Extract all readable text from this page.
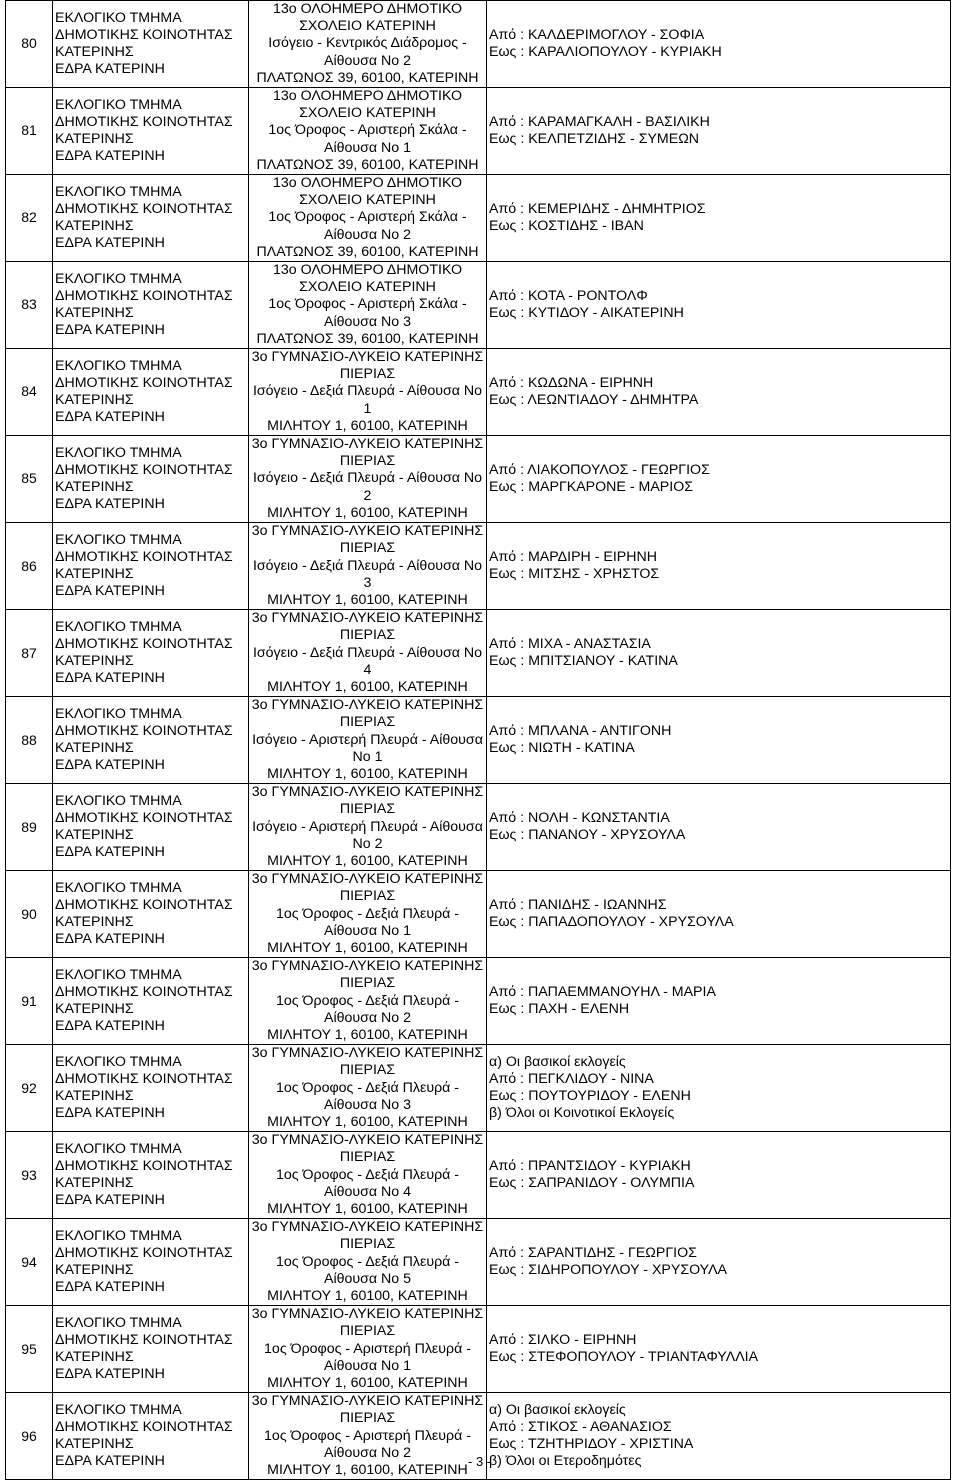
80	ΕΚΛΟΓΙΚΟ ΤΜΗΜΑ
ΔΗΜΟΤΙΚΗΣ ΚΟΙΝΟΤΗΤΑΣ
ΚΑΤΕΡΙΝΗΣ
ΕΔΡΑ ΚΑΤΕΡΙΝΗ	13ο ΟΛΟΗΜΕΡΟ ΔΗΜΟΤΙΚΟ
ΣΧΟΛΕΙΟ ΚΑΤΕΡΙΝΗ
Ισόγειο - Κεντρικός Διάδρομος -
Αίθουσα Νο 2
ΠΛΑΤΩΝΟΣ 39, 60100, ΚΑΤΕΡΙΝΗ	Από : ΚΑΛΔΕΡΙΜΟΓΛΟΥ - ΣΟΦΙΑ
Εως : ΚΑΡΑΛΙΟΠΟΥΛΟΥ - ΚΥΡΙΑΚΗ

81	ΕΚΛΟΓΙΚΟ ΤΜΗΜΑ
ΔΗΜΟΤΙΚΗΣ ΚΟΙΝΟΤΗΤΑΣ
ΚΑΤΕΡΙΝΗΣ
ΕΔΡΑ ΚΑΤΕΡΙΝΗ	13ο ΟΛΟΗΜΕΡΟ ΔΗΜΟΤΙΚΟ
ΣΧΟΛΕΙΟ ΚΑΤΕΡΙΝΗ
1ος Όροφος - Αριστερή Σκάλα -
Αίθουσα Νο 1
ΠΛΑΤΩΝΟΣ 39, 60100, ΚΑΤΕΡΙΝΗ	Από : ΚΑΡΑΜΑΓΚΑΛΗ - ΒΑΣΙΛΙΚΗ
Εως : ΚΕΛΠΕΤΖΙΔΗΣ - ΣΥΜΕΩΝ

82	ΕΚΛΟΓΙΚΟ ΤΜΗΜΑ
ΔΗΜΟΤΙΚΗΣ ΚΟΙΝΟΤΗΤΑΣ
ΚΑΤΕΡΙΝΗΣ
ΕΔΡΑ ΚΑΤΕΡΙΝΗ	13ο ΟΛΟΗΜΕΡΟ ΔΗΜΟΤΙΚΟ
ΣΧΟΛΕΙΟ ΚΑΤΕΡΙΝΗ
1ος Όροφος - Αριστερή Σκάλα -
Αίθουσα Νο 2
ΠΛΑΤΩΝΟΣ 39, 60100, ΚΑΤΕΡΙΝΗ	Από : ΚΕΜΕΡΙΔΗΣ - ΔΗΜΗΤΡΙΟΣ
Εως : ΚΟΣΤΙΔΗΣ - ΙΒΑΝ

83	ΕΚΛΟΓΙΚΟ ΤΜΗΜΑ
ΔΗΜΟΤΙΚΗΣ ΚΟΙΝΟΤΗΤΑΣ
ΚΑΤΕΡΙΝΗΣ
ΕΔΡΑ ΚΑΤΕΡΙΝΗ	13ο ΟΛΟΗΜΕΡΟ ΔΗΜΟΤΙΚΟ
ΣΧΟΛΕΙΟ ΚΑΤΕΡΙΝΗ
1ος Όροφος - Αριστερή Σκάλα -
Αίθουσα Νο 3
ΠΛΑΤΩΝΟΣ 39, 60100, ΚΑΤΕΡΙΝΗ	Από : ΚΟΤΑ - ΡΟΝΤΟΛΦ
Εως : ΚΥΤΙΔΟΥ - ΑΙΚΑΤΕΡΙΝΗ

84	ΕΚΛΟΓΙΚΟ ΤΜΗΜΑ
ΔΗΜΟΤΙΚΗΣ ΚΟΙΝΟΤΗΤΑΣ
ΚΑΤΕΡΙΝΗΣ
ΕΔΡΑ ΚΑΤΕΡΙΝΗ	3ο ΓΥΜΝΑΣΙΟ-ΛΥΚΕΙΟ ΚΑΤΕΡΙΝΗΣ
ΠΙΕΡΙΑΣ
Ισόγειο - Δεξιά Πλευρά - Αίθουσα Νο
1
ΜΙΛΗΤΟΥ 1, 60100, ΚΑΤΕΡΙΝΗ	Από : ΚΩΔΩΝΑ - ΕΙΡΗΝΗ
Εως : ΛΕΩΝΤΙΑΔΟΥ - ΔΗΜΗΤΡΑ

85	ΕΚΛΟΓΙΚΟ ΤΜΗΜΑ
ΔΗΜΟΤΙΚΗΣ ΚΟΙΝΟΤΗΤΑΣ
ΚΑΤΕΡΙΝΗΣ
ΕΔΡΑ ΚΑΤΕΡΙΝΗ	3ο ΓΥΜΝΑΣΙΟ-ΛΥΚΕΙΟ ΚΑΤΕΡΙΝΗΣ
ΠΙΕΡΙΑΣ
Ισόγειο - Δεξιά Πλευρά - Αίθουσα Νο
2
ΜΙΛΗΤΟΥ 1, 60100, ΚΑΤΕΡΙΝΗ	Από : ΛΙΑΚΟΠΟΥΛΟΣ - ΓΕΩΡΓΙΟΣ
Εως : ΜΑΡΓΚΑΡΟΝΕ - ΜΑΡΙΟΣ

86	ΕΚΛΟΓΙΚΟ ΤΜΗΜΑ
ΔΗΜΟΤΙΚΗΣ ΚΟΙΝΟΤΗΤΑΣ
ΚΑΤΕΡΙΝΗΣ
ΕΔΡΑ ΚΑΤΕΡΙΝΗ	3ο ΓΥΜΝΑΣΙΟ-ΛΥΚΕΙΟ ΚΑΤΕΡΙΝΗΣ
ΠΙΕΡΙΑΣ
Ισόγειο - Δεξιά Πλευρά - Αίθουσα Νο
3
ΜΙΛΗΤΟΥ 1, 60100, ΚΑΤΕΡΙΝΗ	Από : ΜΑΡΔΙΡΗ - ΕΙΡΗΝΗ
Εως : ΜΙΤΣΗΣ - ΧΡΗΣΤΟΣ

87	ΕΚΛΟΓΙΚΟ ΤΜΗΜΑ
ΔΗΜΟΤΙΚΗΣ ΚΟΙΝΟΤΗΤΑΣ
ΚΑΤΕΡΙΝΗΣ
ΕΔΡΑ ΚΑΤΕΡΙΝΗ	3ο ΓΥΜΝΑΣΙΟ-ΛΥΚΕΙΟ ΚΑΤΕΡΙΝΗΣ
ΠΙΕΡΙΑΣ
Ισόγειο - Δεξιά Πλευρά - Αίθουσα Νο
4
ΜΙΛΗΤΟΥ 1, 60100, ΚΑΤΕΡΙΝΗ	Από : ΜΙΧΑ - ΑΝΑΣΤΑΣΙΑ
Εως : ΜΠΙΤΣΙΑΝΟΥ - ΚΑΤΙΝΑ

88	ΕΚΛΟΓΙΚΟ ΤΜΗΜΑ
ΔΗΜΟΤΙΚΗΣ ΚΟΙΝΟΤΗΤΑΣ
ΚΑΤΕΡΙΝΗΣ
ΕΔΡΑ ΚΑΤΕΡΙΝΗ	3ο ΓΥΜΝΑΣΙΟ-ΛΥΚΕΙΟ ΚΑΤΕΡΙΝΗΣ
ΠΙΕΡΙΑΣ
Ισόγειο - Αριστερή Πλευρά - Αίθουσα
Νο 1
ΜΙΛΗΤΟΥ 1, 60100, ΚΑΤΕΡΙΝΗ	Από : ΜΠΛΑΝΑ - ΑΝΤΙΓΟΝΗ
Εως : ΝΙΩΤΗ - ΚΑΤΙΝΑ

89	ΕΚΛΟΓΙΚΟ ΤΜΗΜΑ
ΔΗΜΟΤΙΚΗΣ ΚΟΙΝΟΤΗΤΑΣ
ΚΑΤΕΡΙΝΗΣ
ΕΔΡΑ ΚΑΤΕΡΙΝΗ	3ο ΓΥΜΝΑΣΙΟ-ΛΥΚΕΙΟ ΚΑΤΕΡΙΝΗΣ
ΠΙΕΡΙΑΣ
Ισόγειο - Αριστερή Πλευρά - Αίθουσα
Νο 2
ΜΙΛΗΤΟΥ 1, 60100, ΚΑΤΕΡΙΝΗ	Από : ΝΟΛΗ - ΚΩΝΣΤΑΝΤΙΑ
Εως : ΠΑΝΑΝΟΥ - ΧΡΥΣΟΥΛΑ

90	ΕΚΛΟΓΙΚΟ ΤΜΗΜΑ
ΔΗΜΟΤΙΚΗΣ ΚΟΙΝΟΤΗΤΑΣ
ΚΑΤΕΡΙΝΗΣ
ΕΔΡΑ ΚΑΤΕΡΙΝΗ	3ο ΓΥΜΝΑΣΙΟ-ΛΥΚΕΙΟ ΚΑΤΕΡΙΝΗΣ
ΠΙΕΡΙΑΣ
1ος Όροφος - Δεξιά Πλευρά -
Αίθουσα Νο 1
ΜΙΛΗΤΟΥ 1, 60100, ΚΑΤΕΡΙΝΗ	Από : ΠΑΝΙΔΗΣ - ΙΩΑΝΝΗΣ
Εως : ΠΑΠΑΔΟΠΟΥΛΟΥ - ΧΡΥΣΟΥΛΑ

91	ΕΚΛΟΓΙΚΟ ΤΜΗΜΑ
ΔΗΜΟΤΙΚΗΣ ΚΟΙΝΟΤΗΤΑΣ
ΚΑΤΕΡΙΝΗΣ
ΕΔΡΑ ΚΑΤΕΡΙΝΗ	3ο ΓΥΜΝΑΣΙΟ-ΛΥΚΕΙΟ ΚΑΤΕΡΙΝΗΣ
ΠΙΕΡΙΑΣ
1ος Όροφος - Δεξιά Πλευρά -
Αίθουσα Νο 2
ΜΙΛΗΤΟΥ 1, 60100, ΚΑΤΕΡΙΝΗ	Από : ΠΑΠΑΕΜΜΑΝΟΥΗΛ - ΜΑΡΙΑ
Εως : ΠΑΧΗ - ΕΛΕΝΗ

92	ΕΚΛΟΓΙΚΟ ΤΜΗΜΑ
ΔΗΜΟΤΙΚΗΣ ΚΟΙΝΟΤΗΤΑΣ
ΚΑΤΕΡΙΝΗΣ
ΕΔΡΑ ΚΑΤΕΡΙΝΗ	3ο ΓΥΜΝΑΣΙΟ-ΛΥΚΕΙΟ ΚΑΤΕΡΙΝΗΣ
ΠΙΕΡΙΑΣ
1ος Όροφος - Δεξιά Πλευρά -
Αίθουσα Νο 3
ΜΙΛΗΤΟΥ 1, 60100, ΚΑΤΕΡΙΝΗ	α) Οι βασικοί εκλογείς
Από : ΠΕΓΚΛΙΔΟΥ - ΝΙΝΑ
Εως : ΠΟΥΤΟΥΡΙΔΟΥ - ΕΛΕΝΗ
β) Όλοι οι Κοινοτικοί Εκλογείς

93	ΕΚΛΟΓΙΚΟ ΤΜΗΜΑ
ΔΗΜΟΤΙΚΗΣ ΚΟΙΝΟΤΗΤΑΣ
ΚΑΤΕΡΙΝΗΣ
ΕΔΡΑ ΚΑΤΕΡΙΝΗ	3ο ΓΥΜΝΑΣΙΟ-ΛΥΚΕΙΟ ΚΑΤΕΡΙΝΗΣ
ΠΙΕΡΙΑΣ
1ος Όροφος - Δεξιά Πλευρά -
Αίθουσα Νο 4
ΜΙΛΗΤΟΥ 1, 60100, ΚΑΤΕΡΙΝΗ	Από : ΠΡΑΝΤΣΙΔΟΥ - ΚΥΡΙΑΚΗ
Εως : ΣΑΠΡΑΝΙΔΟΥ - ΟΛΥΜΠΙΑ

94	ΕΚΛΟΓΙΚΟ ΤΜΗΜΑ
ΔΗΜΟΤΙΚΗΣ ΚΟΙΝΟΤΗΤΑΣ
ΚΑΤΕΡΙΝΗΣ
ΕΔΡΑ ΚΑΤΕΡΙΝΗ	3ο ΓΥΜΝΑΣΙΟ-ΛΥΚΕΙΟ ΚΑΤΕΡΙΝΗΣ
ΠΙΕΡΙΑΣ
1ος Όροφος - Δεξιά Πλευρά -
Αίθουσα Νο 5
ΜΙΛΗΤΟΥ 1, 60100, ΚΑΤΕΡΙΝΗ	Από : ΣΑΡΑΝΤΙΔΗΣ - ΓΕΩΡΓΙΟΣ
Εως : ΣΙΔΗΡΟΠΟΥΛΟΥ - ΧΡΥΣΟΥΛΑ

95	ΕΚΛΟΓΙΚΟ ΤΜΗΜΑ
ΔΗΜΟΤΙΚΗΣ ΚΟΙΝΟΤΗΤΑΣ
ΚΑΤΕΡΙΝΗΣ
ΕΔΡΑ ΚΑΤΕΡΙΝΗ	3ο ΓΥΜΝΑΣΙΟ-ΛΥΚΕΙΟ ΚΑΤΕΡΙΝΗΣ
ΠΙΕΡΙΑΣ
1ος Όροφος - Αριστερή Πλευρά -
Αίθουσα Νο 1
ΜΙΛΗΤΟΥ 1, 60100, ΚΑΤΕΡΙΝΗ	Από : ΣΙΛΚΟ - ΕΙΡΗΝΗ
Εως : ΣΤΕΦΟΠΟΥΛΟΥ - ΤΡΙΑΝΤΑΦΥΛΛΙΑ

96	ΕΚΛΟΓΙΚΟ ΤΜΗΜΑ
ΔΗΜΟΤΙΚΗΣ ΚΟΙΝΟΤΗΤΑΣ
ΚΑΤΕΡΙΝΗΣ
ΕΔΡΑ ΚΑΤΕΡΙΝΗ	3ο ΓΥΜΝΑΣΙΟ-ΛΥΚΕΙΟ ΚΑΤΕΡΙΝΗΣ
ΠΙΕΡΙΑΣ
1ος Όροφος - Αριστερή Πλευρά -
Αίθουσα Νο 2
ΜΙΛΗΤΟΥ 1, 60100, ΚΑΤΕΡΙΝΗ	α) Οι βασικοί εκλογείς
Από : ΣΤΙΚΟΣ - ΑΘΑΝΑΣΙΟΣ
Εως : ΤΖΗΤΗΡΙΔΟΥ - ΧΡΙΣΤΙΝΑ
β) Όλοι οι Ετεροδημότες
- 3 -
